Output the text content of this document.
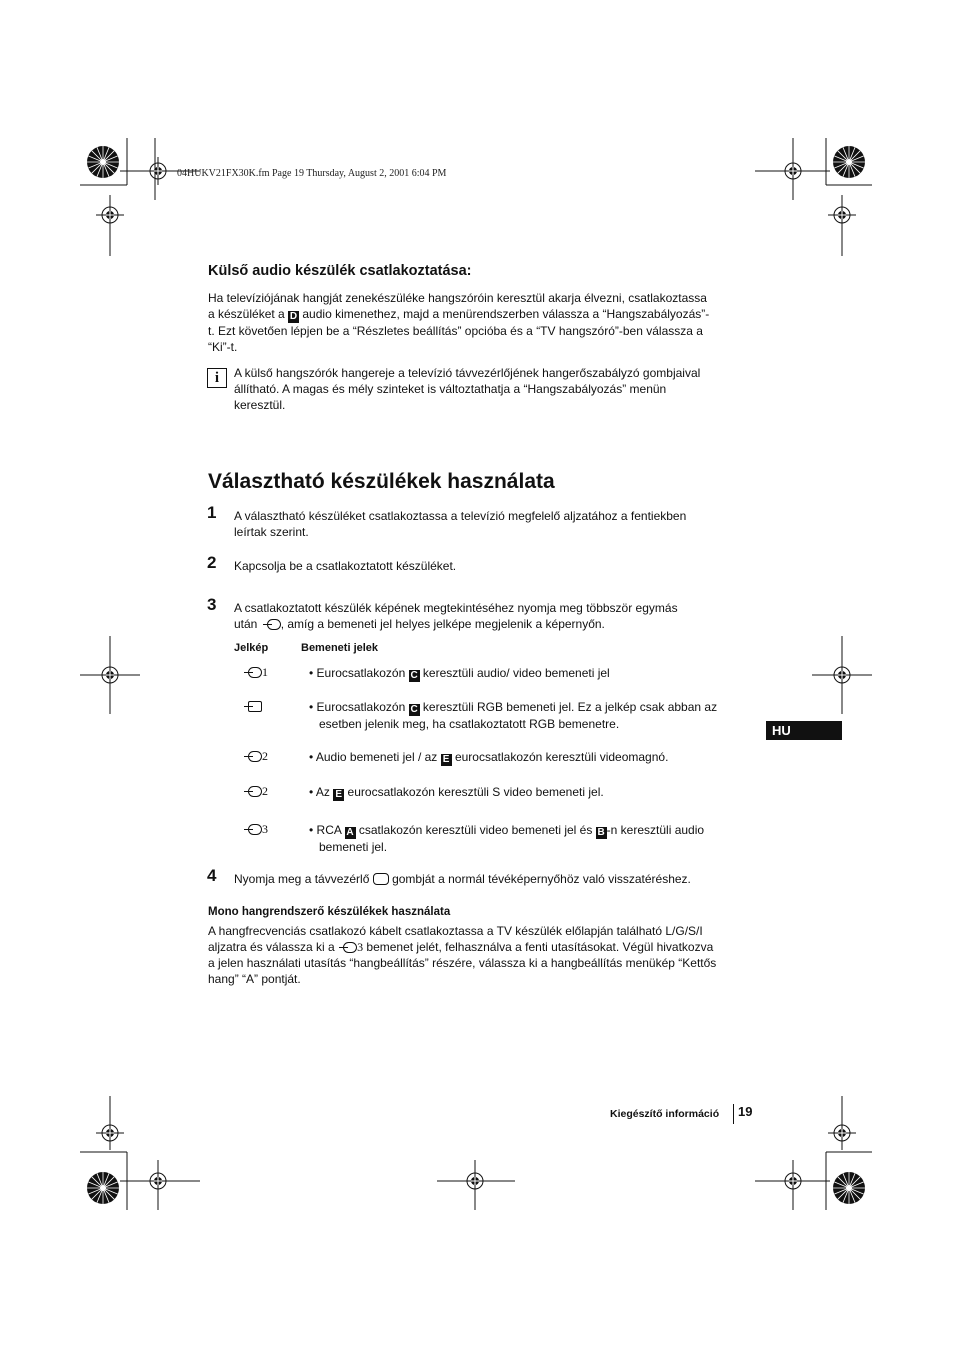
04HUKV21FX30K.fm Page 19 Thursday, August 2, 2001 6:04 PM
Külső audio készülék csatlakoztatása:
Ha televíziójának hangját zenekészüléke hangszóróin keresztül akarja élvezni, csatlakoztassa
a készüléket a D audio kimenethez, majd a menürendszerben válassza a “Hangszabályozás”-
t. Ezt követően lépjen be a “Részletes beállítás” opcióba és a “TV hangszóró”-ben válassza a
“Ki”-t.
i	A külső hangszórók hangereje a televízió távvezérlőjének hangerőszabályzó gombjaival
állítható. A magas és mély szinteket is változtathatja a “Hangszabályozás” menün
keresztül.
Választható készülékek használata
1 A választható készüléket csatlakoztassa a televízió megfelelő aljzatához a fentiekben
leírtak szerint.
2 Kapcsolja be a csatlakoztatott készüléket.
3 A csatlakoztatott készülék képének megtekintéséhez nyomja meg többször egymás
után , amíg a bemeneti jel helyes jelképe megjelenik a képernyőn.
Jelkép	Bemeneti jelek
1	• Eurocsatlakozón C keresztüli audio/ video bemeneti jel
• Eurocsatlakozón C keresztüli RGB bemeneti jel. Ez a jelkép csak abban az
esetben jelenik meg, ha csatlakoztatott RGB bemenetre.
2	• Audio bemeneti jel / az E eurocsatlakozón keresztüli videomagnó.
2	• Az E eurocsatlakozón keresztüli S video bemeneti jel.
3	• RCA A csatlakozón keresztüli video bemeneti jel és B -n keresztüli audio
bemeneti jel.
4 Nyomja meg a távvezérlő  gombját a normál tévéképernyőhöz való visszatéréshez.
Mono hangrendszerő készülékek használata
A hangfrecvenciás csatlakozó kábelt csatlakoztassa a TV készülék előlapján található L/G/S/I
aljzatra és válassza ki a 3 bemenet jelét, felhasználva a fenti utasításokat. Végül hivatkozva
a jelen használati utasítás “hangbeállítás” részére, válassza ki a hangbeállítás menükép “Kettős
hang” “A” pontját.
HU
Kiegészítő információ 19
